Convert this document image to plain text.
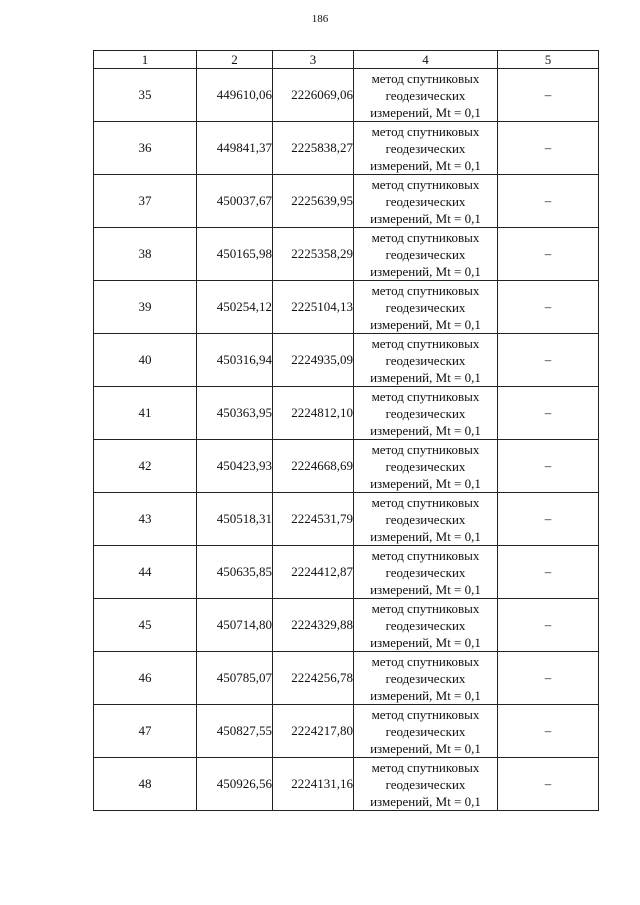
186
1	2	3	4	5
35	449610,06	2226069,06	метод спутниковых
геодезических
измерений, Mt = 0,1	–
36	449841,37	2225838,27	метод спутниковых
геодезических
измерений, Mt = 0,1	–
37	450037,67	2225639,95	метод спутниковых
геодезических
измерений, Mt = 0,1	–
38	450165,98	2225358,29	метод спутниковых
геодезических
измерений, Mt = 0,1	–
39	450254,12	2225104,13	метод спутниковых
геодезических
измерений, Mt = 0,1	–
40	450316,94	2224935,09	метод спутниковых
геодезических
измерений, Mt = 0,1	–
41	450363,95	2224812,10	метод спутниковых
геодезических
измерений, Mt = 0,1	–
42	450423,93	2224668,69	метод спутниковых
геодезических
измерений, Mt = 0,1	–
43	450518,31	2224531,79	метод спутниковых
геодезических
измерений, Mt = 0,1	–
44	450635,85	2224412,87	метод спутниковых
геодезических
измерений, Mt = 0,1	–
45	450714,80	2224329,88	метод спутниковых
геодезических
измерений, Mt = 0,1	–
46	450785,07	2224256,78	метод спутниковых
геодезических
измерений, Mt = 0,1	–
47	450827,55	2224217,80	метод спутниковых
геодезических
измерений, Mt = 0,1	–
48	450926,56	2224131,16	метод спутниковых
геодезических
измерений, Mt = 0,1	–
